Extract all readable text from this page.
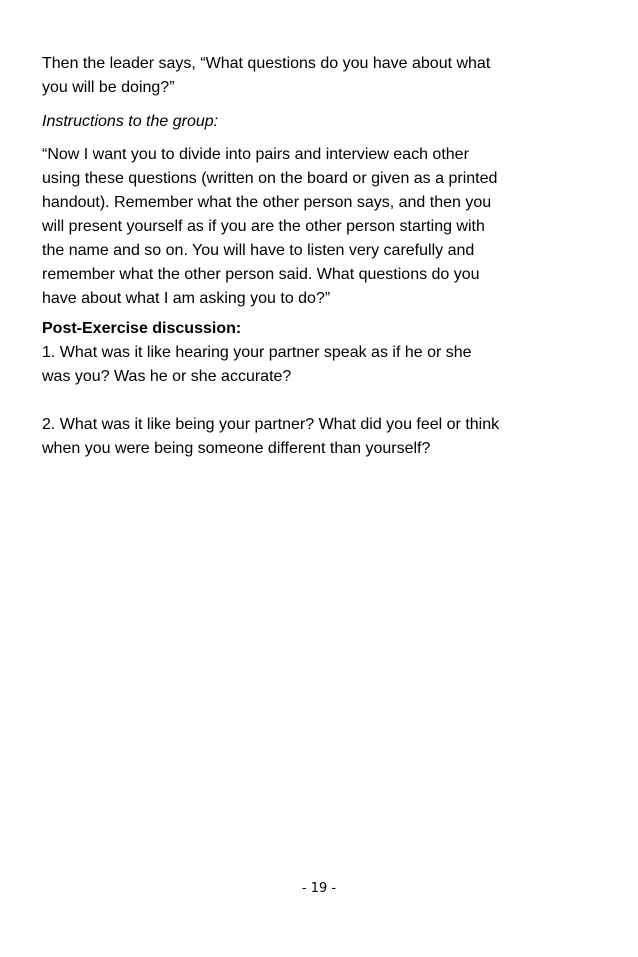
Then the leader says, “What questions do you have about what
you will be doing?”

Instructions to the group:

“Now I want you to divide into pairs and interview each other
using these questions (written on the board or given as a printed
handout). Remember what the other person says, and then you
will present yourself as if you are the other person starting with
the name and so on. You will have to listen very carefully and
remember what the other person said. What questions do you
have about what I am asking you to do?”

Post-Exercise discussion:

1. What was it like hearing your partner speak as if he or she
was you? Was he or she accurate?

2. What was it like being your partner? What did you feel or think
when you were being someone different than yourself?

- 19 -
